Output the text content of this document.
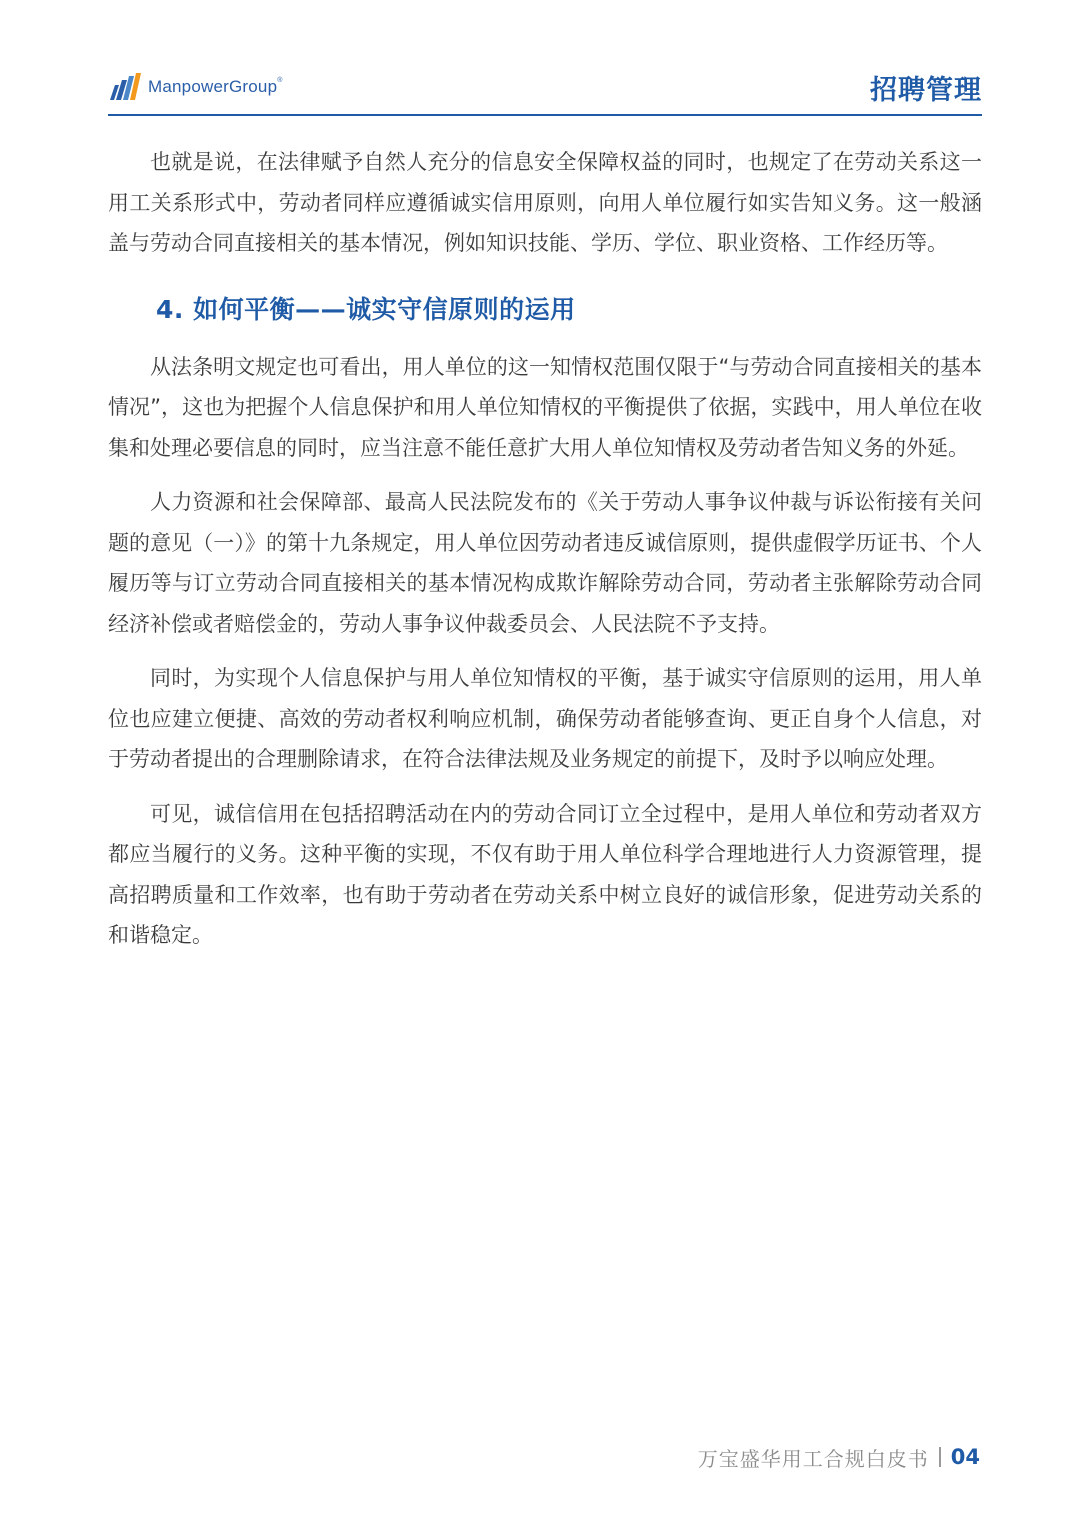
ManpowerGroup®	招聘管理

也就是说，在法律赋予自然人充分的信息安全保障权益的同时，也规定了在劳动关系这一用工关系形式中，劳动者同样应遵循诚实信用原则，向用人单位履行如实告知义务。这一般涵盖与劳动合同直接相关的基本情况，例如知识技能、学历、学位、职业资格、工作经历等。

4. 如何平衡——诚实守信原则的运用

从法条明文规定也可看出，用人单位的这一知情权范围仅限于“与劳动合同直接相关的基本情况”，这也为把握个人信息保护和用人单位知情权的平衡提供了依据，实践中，用人单位在收集和处理必要信息的同时，应当注意不能任意扩大用人单位知情权及劳动者告知义务的外延。

人力资源和社会保障部、最高人民法院发布的《关于劳动人事争议仲裁与诉讼衔接有关问题的意见（一）》的第十九条规定，用人单位因劳动者违反诚信原则，提供虚假学历证书、个人履历等与订立劳动合同直接相关的基本情况构成欺诈解除劳动合同，劳动者主张解除劳动合同经济补偿或者赔偿金的，劳动人事争议仲裁委员会、人民法院不予支持。

同时，为实现个人信息保护与用人单位知情权的平衡，基于诚实守信原则的运用，用人单位也应建立便捷、高效的劳动者权利响应机制，确保劳动者能够查询、更正自身个人信息，对于劳动者提出的合理删除请求，在符合法律法规及业务规定的前提下，及时予以响应处理。

可见，诚信信用在包括招聘活动在内的劳动合同订立全过程中，是用人单位和劳动者双方都应当履行的义务。这种平衡的实现，不仅有助于用人单位科学合理地进行人力资源管理，提高招聘质量和工作效率，也有助于劳动者在劳动关系中树立良好的诚信形象，促进劳动关系的和谐稳定。

万宝盛华用工合规白皮书 04
